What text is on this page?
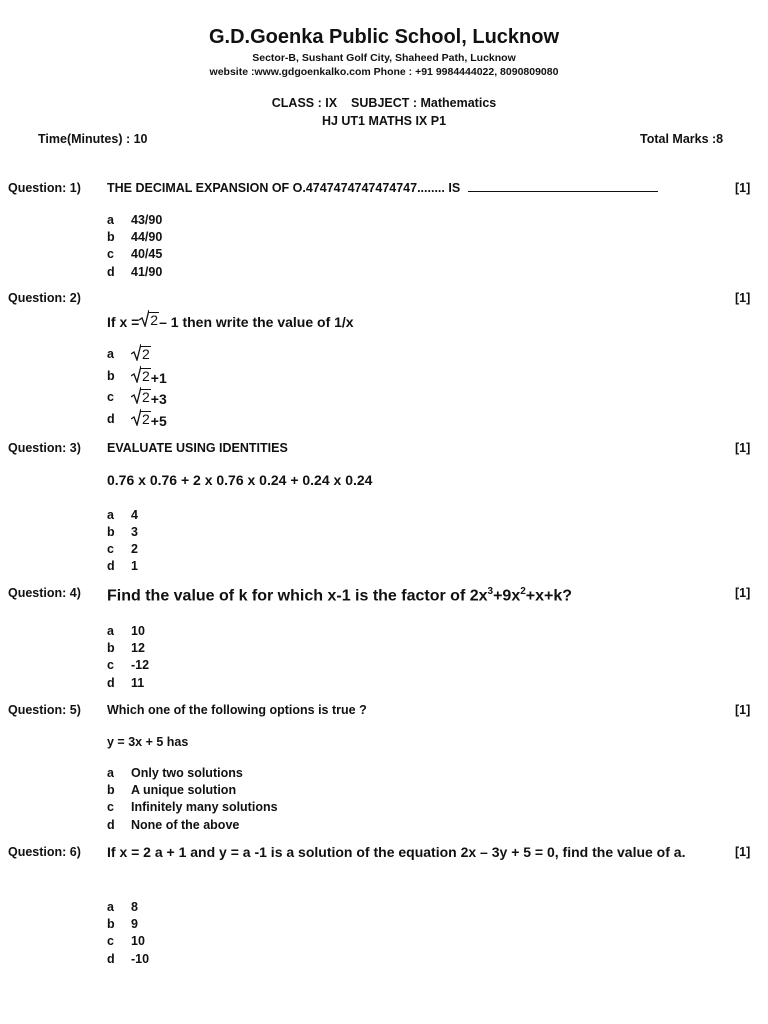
G.D.Goenka Public School, Lucknow
Sector-B, Sushant Golf City, Shaheed Path, Lucknow
website :www.gdgoenkalko.com Phone : +91 9984444022, 8090809080
CLASS : IX SUBJECT : Mathematics
HJ UT1 MATHS IX P1
Time(Minutes) : 10	Total Marks :8
Question: 1) THE DECIMAL EXPANSION OF O.4747474747474747........ IS	[1]
a 43/90
b 44/90
c 40/45
d 41/90
Question: 2)	[1]
If x = 2 – 1 then write the value of 1/x
a 2
b 2 +1
c 2 +3
d 2 +5
Question: 3) EVALUATE USING IDENTITIES	[1]
0.76 x 0.76 + 2 x 0.76 x 0.24 + 0.24 x 0.24
a 4
b 3
c 2
d 1
Question: 4) Find the value of k for which x-1 is the factor of $2x^3+9x^2+x+k$?	[1]
a 10
b 12
c -12
d 11
Question: 5) Which one of the following options is true ?	[1]
y = 3x + 5 has
a Only two solutions
b A unique solution
c Infinitely many solutions
d None of the above
Question: 6) If x = 2 a + 1 and y = a -1 is a solution of the equation 2x – 3y + 5 = 0, find the value of a.	[1]
a 8
b 9
c 10
d -10
